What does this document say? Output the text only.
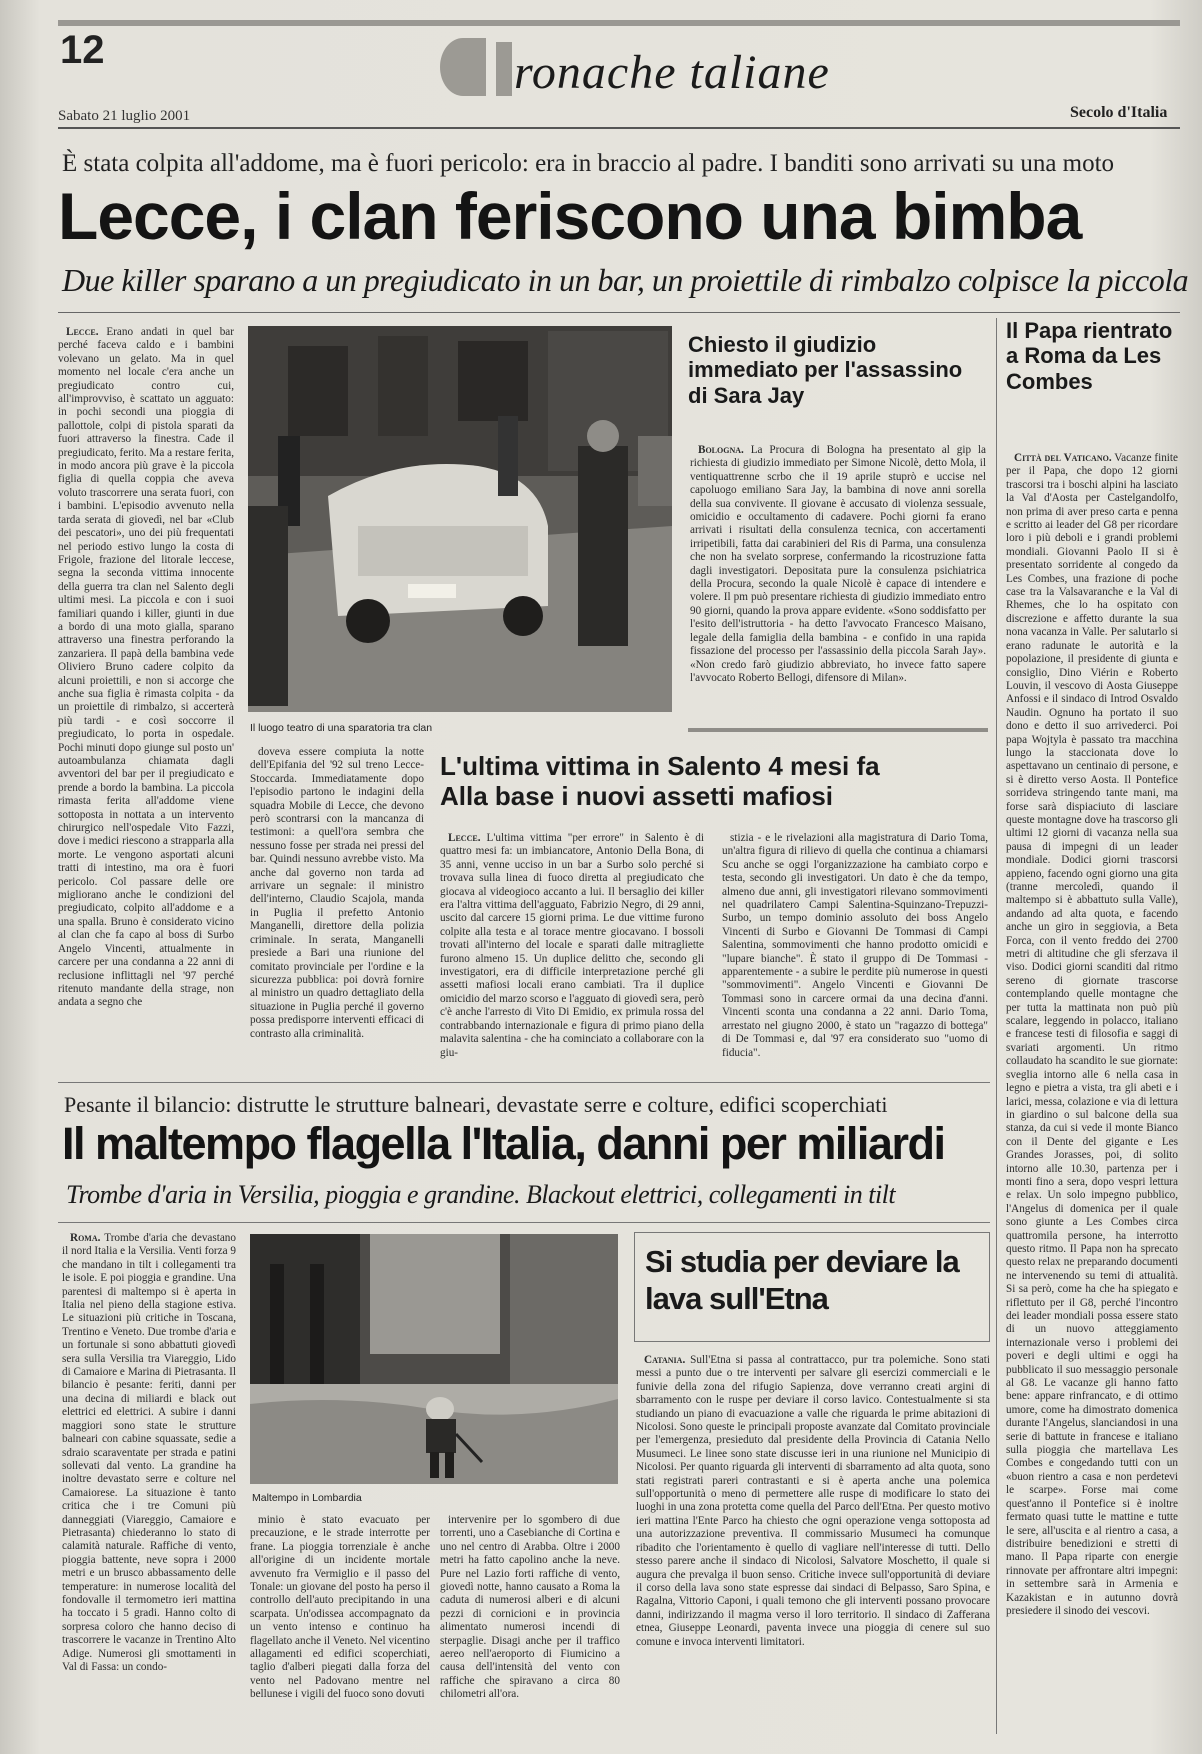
12	ronache taliane
Sabato 21 luglio 2001	Secolo d'Italia
È stata colpita all'addome, ma è fuori pericolo: era in braccio al padre. I banditi sono arrivati su una moto
Lecce, i clan feriscono una bimba
Due killer sparano a un pregiudicato in un bar, un proiettile di rimbalzo colpisce la piccola

Lecce. Erano andati in quel bar perché faceva caldo e i bambini volevano un gelato. Ma in quel momento nel locale c'era anche un pregiudicato contro cui, all'improvviso, è scattato un agguato: in pochi secondi una pioggia di pallottole, colpi di pistola sparati da fuori attraverso la finestra. Cade il pregiudicato, ferito. Ma a restare ferita, in modo ancora più grave è la piccola figlia di quella coppia che aveva voluto trascorrere una serata fuori, con i bambini. L'episodio avvenuto nella tarda serata di giovedì, nel bar «Club dei pescatori», uno dei più frequentati nel periodo estivo lungo la costa di Frigole, frazione del litorale leccese, segna la seconda vittima innocente della guerra tra clan nel Salento degli ultimi mesi. La piccola e con i suoi familiari quando i killer, giunti in due a bordo di una moto gialla, sparano attraverso una finestra perforando la zanzariera. Il papà della bambina vede Oliviero Bruno cadere colpito da alcuni proiettili, e non si accorge che anche sua figlia è rimasta colpita - da un proiettile di rimbalzo, si accerterà più tardi - e così soccorre il pregiudicato, lo porta in ospedale. Pochi minuti dopo giunge sul posto un' autoambulanza chiamata dagli avventori del bar per il pregiudicato e prende a bordo la bambina. La piccola rimasta ferita all'addome viene sottoposta in nottata a un intervento chirurgico nell'ospedale Vito Fazzi, dove i medici riescono a strapparla alla morte. Le vengono asportati alcuni tratti di intestino, ma ora è fuori pericolo. Col passare delle ore migliorano anche le condizioni del pregiudicato, colpito all'addome e a una spalla. Bruno è considerato vicino al clan che fa capo al boss di Surbo Angelo Vincenti, attualmente in carcere per una condanna a 22 anni di reclusione inflittagli nel '97 perché ritenuto mandante della strage, non andata a segno che

Il luogo teatro di una sparatoria tra clan

doveva essere compiuta la notte dell'Epifania del '92 sul treno Lecce-Stoccarda. Immediatamente dopo l'episodio partono le indagini della squadra Mobile di Lecce, che devono però scontrarsi con la mancanza di testimoni: a quell'ora sembra che nessuno fosse per strada nei pressi del bar. Quindi nessuno avrebbe visto. Ma anche dal governo non tarda ad arrivare un segnale: il ministro dell'interno, Claudio Scajola, manda in Puglia il prefetto Antonio Manganelli, direttore della polizia criminale. In serata, Manganelli presiede a Bari una riunione del comitato provinciale per l'ordine e la sicurezza pubblica: poi dovrà fornire al ministro un quadro dettagliato della situazione in Puglia perché il governo possa predisporre interventi efficaci di contrasto alla criminalità.

Chiesto il giudizio immediato per l'assassino di Sara Jay

Bologna. La Procura di Bologna ha presentato al gip la richiesta di giudizio immediato per Simone Nicolè, detto Mola, il ventiquattrenne scrbo che il 19 aprile stuprò e uccise nel capoluogo emiliano Sara Jay, la bambina di nove anni sorella della sua convivente. Il giovane è accusato di violenza sessuale, omicidio e occultamento di cadavere. Pochi giorni fa erano arrivati i risultati della consulenza tecnica, con accertamenti irripetibili, fatta dai carabinieri del Ris di Parma, una consulenza che non ha svelato sorprese, confermando la ricostruzione fatta dagli investigatori. Depositata pure la consulenza psichiatrica della Procura, secondo la quale Nicolè è capace di intendere e volere. Il pm può presentare richiesta di giudizio immediato entro 90 giorni, quando la prova appare evidente. «Sono soddisfatto per l'esito dell'istruttoria - ha detto l'avvocato Francesco Maisano, legale della famiglia della bambina - e confido in una rapida fissazione del processo per l'assassinio della piccola Sarah Jay». «Non credo farò giudizio abbreviato, ho invece fatto sapere l'avvocato Roberto Bellogi, difensore di Milan».

L'ultima vittima in Salento 4 mesi fa
Alla base i nuovi assetti mafiosi

Lecce. L'ultima vittima "per errore" in Salento è di quattro mesi fa: un imbiancatore, Antonio Della Bona, di 35 anni, venne ucciso in un bar a Surbo solo perché si trovava sulla linea di fuoco diretta al pregiudicato che giocava al videogioco accanto a lui. Il bersaglio dei killer era l'altra vittima dell'agguato, Fabrizio Negro, di 29 anni, uscito dal carcere 15 giorni prima. Le due vittime furono colpite alla testa e al torace mentre giocavano. I bossoli trovati all'interno del locale e sparati dalle mitragliette furono almeno 15. Un duplice delitto che, secondo gli investigatori, era di difficile interpretazione perché gli assetti mafiosi locali erano cambiati. Tra il duplice omicidio del marzo scorso e l'agguato di giovedì sera, però c'è anche l'arresto di Vito Di Emidio, ex primula rossa del contrabbando internazionale e figura di primo piano della malavita salentina - che ha cominciato a collaborare con la giu-

stizia - e le rivelazioni alla magistratura di Dario Toma, un'altra figura di rilievo di quella che continua a chiamarsi Scu anche se oggi l'organizzazione ha cambiato corpo e testa, secondo gli investigatori. Un dato è che da tempo, almeno due anni, gli investigatori rilevano sommovimenti nel quadrilatero Campi Salentina-Squinzano-Trepuzzi-Surbo, un tempo dominio assoluto dei boss Angelo Vincenti di Surbo e Giovanni De Tommasi di Campi Salentina, sommovimenti che hanno prodotto omicidi e "lupare bianche". È stato il gruppo di De Tommasi - apparentemente - a subire le perdite più numerose in questi "sommovimenti". Angelo Vincenti e Giovanni De Tommasi sono in carcere ormai da una decina d'anni. Vincenti sconta una condanna a 22 anni. Dario Toma, arrestato nel giugno 2000, è stato un "ragazzo di bottega" di De Tommasi e, dal '97 era considerato suo "uomo di fiducia".

Il Papa rientrato a Roma da Les Combes

Città del Vaticano. Vacanze finite per il Papa, che dopo 12 giorni trascorsi tra i boschi alpini ha lasciato la Val d'Aosta per Castelgandolfo, non prima di aver preso carta e penna e scritto ai leader del G8 per ricordare loro i più deboli e i grandi problemi mondiali. Giovanni Paolo II si è presentato sorridente al congedo da Les Combes, una frazione di poche case tra la Valsavaranche e la Val di Rhemes, che lo ha ospitato con discrezione e affetto durante la sua nona vacanza in Valle. Per salutarlo si erano radunate le autorità e la popolazione, il presidente di giunta e consiglio, Dino Viérin e Roberto Louvin, il vescovo di Aosta Giuseppe Anfossi e il sindaco di Introd Osvaldo Naudin. Ognuno ha portato il suo dono e detto il suo arrivederci. Poi papa Wojtyla è passato tra macchina lungo la staccionata dove lo aspettavano un centinaio di persone, e si è diretto verso Aosta. Il Pontefice sorrideva stringendo tante mani, ma forse sarà dispiaciuto di lasciare queste montagne dove ha trascorso gli ultimi 12 giorni di vacanza nella sua pausa di impegni di un leader mondiale. Dodici giorni trascorsi appieno, facendo ogni giorno una gita (tranne mercoledì, quando il maltempo si è abbattuto sulla Valle), andando ad alta quota, e facendo anche un giro in seggiovia, a Beta Forca, con il vento freddo dei 2700 metri di altitudine che gli sferzava il viso. Dodici giorni scanditi dal ritmo sereno di giornate trascorse contemplando quelle montagne che per tutta la mattinata non può più scalare, leggendo in polacco, italiano e francese testi di filosofia e saggi di svariati argomenti. Un ritmo collaudato ha scandito le sue giornate: sveglia intorno alle 6 nella casa in legno e pietra a vista, tra gli abeti e i larici, messa, colazione e via di lettura in giardino o sul balcone della sua stanza, da cui si vede il monte Bianco con il Dente del gigante e Les Grandes Jorasses, poi, di solito intorno alle 10.30, partenza per i monti fino a sera, dopo vespri lettura e relax. Un solo impegno pubblico, l'Angelus di domenica per il quale sono giunte a Les Combes circa quattromila persone, ha interrotto questo ritmo. Il Papa non ha sprecato questo relax ne preparando documenti ne intervenendo su temi di attualità. Si sa però, come ha che ha spiegato e riflettuto per il G8, perché l'incontro dei leader mondiali possa essere stato di un nuovo atteggiamento internazionale verso i problemi dei poveri e degli ultimi e oggi ha pubblicato il suo messaggio personale al G8. Le vacanze gli hanno fatto bene: appare rinfrancato, e di ottimo umore, come ha dimostrato domenica durante l'Angelus, slanciandosi in una serie di battute in francese e italiano sulla pioggia che martellava Les Combes e congedando tutti con un «buon rientro a casa e non perdetevi le scarpe». Forse mai come quest'anno il Pontefice si è inoltre fermato quasi tutte le mattine e tutte le sere, all'uscita e al rientro a casa, a distribuire benedizioni e stretti di mano. Il Papa riparte con energie rinnovate per affrontare altri impegni: in settembre sarà in Armenia e Kazakistan e in autunno dovrà presiedere il sinodo dei vescovi.

Pesante il bilancio: distrutte le strutture balneari, devastate serre e colture, edifici scoperchiati
Il maltempo flagella l'Italia, danni per miliardi
Trombe d'aria in Versilia, pioggia e grandine. Blackout elettrici, collegamenti in tilt

Roma. Trombe d'aria che devastano il nord Italia e la Versilia. Venti forza 9 che mandano in tilt i collegamenti tra le isole. E poi pioggia e grandine. Una parentesi di maltempo si è aperta in Italia nel pieno della stagione estiva. Le situazioni più critiche in Toscana, Trentino e Veneto. Due trombe d'aria e un fortunale si sono abbattuti giovedì sera sulla Versilia tra Viareggio, Lido di Camaiore e Marina di Pietrasanta. Il bilancio è pesante: feriti, danni per una decina di miliardi e black out elettrici ed elettrici. A subire i danni maggiori sono state le strutture balneari con cabine squassate, sedie a sdraio scaraventate per strada e patini sollevati dal vento. La grandine ha inoltre devastato serre e colture nel Camaiorese. La situazione è tanto critica che i tre Comuni più danneggiati (Viareggio, Camaiore e Pietrasanta) chiederanno lo stato di calamità naturale. Raffiche di vento, pioggia battente, neve sopra i 2000 metri e un brusco abbassamento delle temperature: in numerose località del fondovalle il termometro ieri mattina ha toccato i 5 gradi. Hanno colto di sorpresa coloro che hanno deciso di trascorrere le vacanze in Trentino Alto Adige. Numerosi gli smottamenti in Val di Fassa: un condo-

Maltempo in Lombardia

minio è stato evacuato per precauzione, e le strade interrotte per frane. La pioggia torrenziale è anche all'origine di un incidente mortale avvenuto fra Vermiglio e il passo del Tonale: un giovane del posto ha perso il controllo dell'auto precipitando in una scarpata. Un'odissea accompagnato da un vento intenso e continuo ha flagellato anche il Veneto. Nel vicentino allagamenti ed edifici scoperchiati, taglio d'alberi piegati dalla forza del vento nel Padovano mentre nel bellunese i vigili del fuoco sono dovuti

intervenire per lo sgombero di due torrenti, uno a Casebianche di Cortina e uno nel centro di Arabba. Oltre i 2000 metri ha fatto capolino anche la neve. Pure nel Lazio forti raffiche di vento, giovedì notte, hanno causato a Roma la caduta di numerosi alberi e di alcuni pezzi di cornicioni e in provincia alimentato numerosi incendi di sterpaglie. Disagi anche per il traffico aereo nell'aeroporto di Fiumicino a causa dell'intensità del vento con raffiche che spiravano a circa 80 chilometri all'ora.

Si studia per deviare la lava sull'Etna

Catania. Sull'Etna si passa al contrattacco, pur tra polemiche. Sono stati messi a punto due o tre interventi per salvare gli esercizi commerciali e le funivie della zona del rifugio Sapienza, dove verranno creati argini di sbarramento con le ruspe per deviare il corso lavico. Contestualmente si sta studiando un piano di evacuazione a valle che riguarda le prime abitazioni di Nicolosi. Sono queste le principali proposte avanzate dal Comitato provinciale per l'emergenza, presieduto dal presidente della Provincia di Catania Nello Musumeci. Le linee sono state discusse ieri in una riunione nel Municipio di Nicolosi. Per quanto riguarda gli interventi di sbarramento ad alta quota, sono stati registrati pareri contrastanti e si è aperta anche una polemica sull'opportunità o meno di permettere alle ruspe di modificare lo stato dei luoghi in una zona protetta come quella del Parco dell'Etna. Per questo motivo ieri mattina l'Ente Parco ha chiesto che ogni operazione venga sottoposta ad una autorizzazione preventiva. Il commissario Musumeci ha comunque ribadito che l'orientamento è quello di vagliare nell'interesse di tutti. Dello stesso parere anche il sindaco di Nicolosi, Salvatore Moschetto, il quale si augura che prevalga il buon senso. Critiche invece sull'opportunità di deviare il corso della lava sono state espresse dai sindaci di Belpasso, Saro Spina, e Ragalna, Vittorio Caponi, i quali temono che gli interventi possano provocare danni, indirizzando il magma verso il loro territorio. Il sindaco di Zafferana etnea, Giuseppe Leonardi, paventa invece una pioggia di cenere sul suo comune e invoca interventi limitatori.
